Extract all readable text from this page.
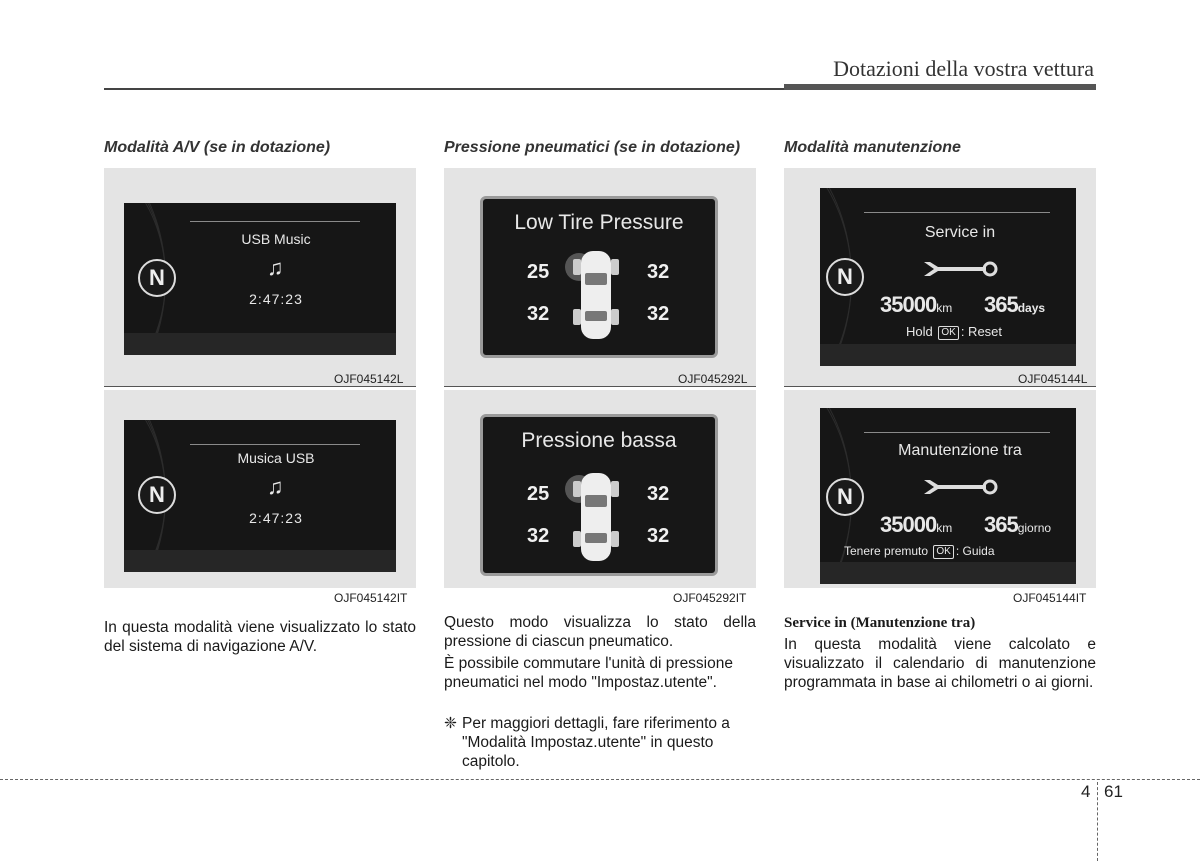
Dotazioni della vostra vettura
Modalità A/V (se in dotazione)	Pressione pneumatici (se in dotazione)	Modalità manutenzione
N
USB Music
♫
2:47:23
OJF045142L
N
Musica USB
♫
2:47:23
OJF045142IT
In questa modalità viene visualizzato lo stato del sistema di navigazione A/V.
Low Tire Pressure
25	32
32	32
OJF045292L
Pressione bassa
25	32
32	32
OJF045292IT
Questo modo visualizza lo stato della pressione di ciascun pneumatico.
È possibile commutare l'unità di pressione pneumatici nel modo "Impostaz.utente".
❈ Per maggiori dettagli, fare riferimento a "Modalità Impostaz.utente" in questo capitolo.
N
Service in
35000km 365days
Hold OK : Reset
OJF045144L
N
Manutenzione tra
35000km 365giorno
Tenere premuto OK : Guida
OJF045144IT
Service in (Manutenzione tra)
In questa modalità viene calcolato e visualizzato il calendario di manutenzione programmata in base ai chilometri o ai giorni.
4 61
